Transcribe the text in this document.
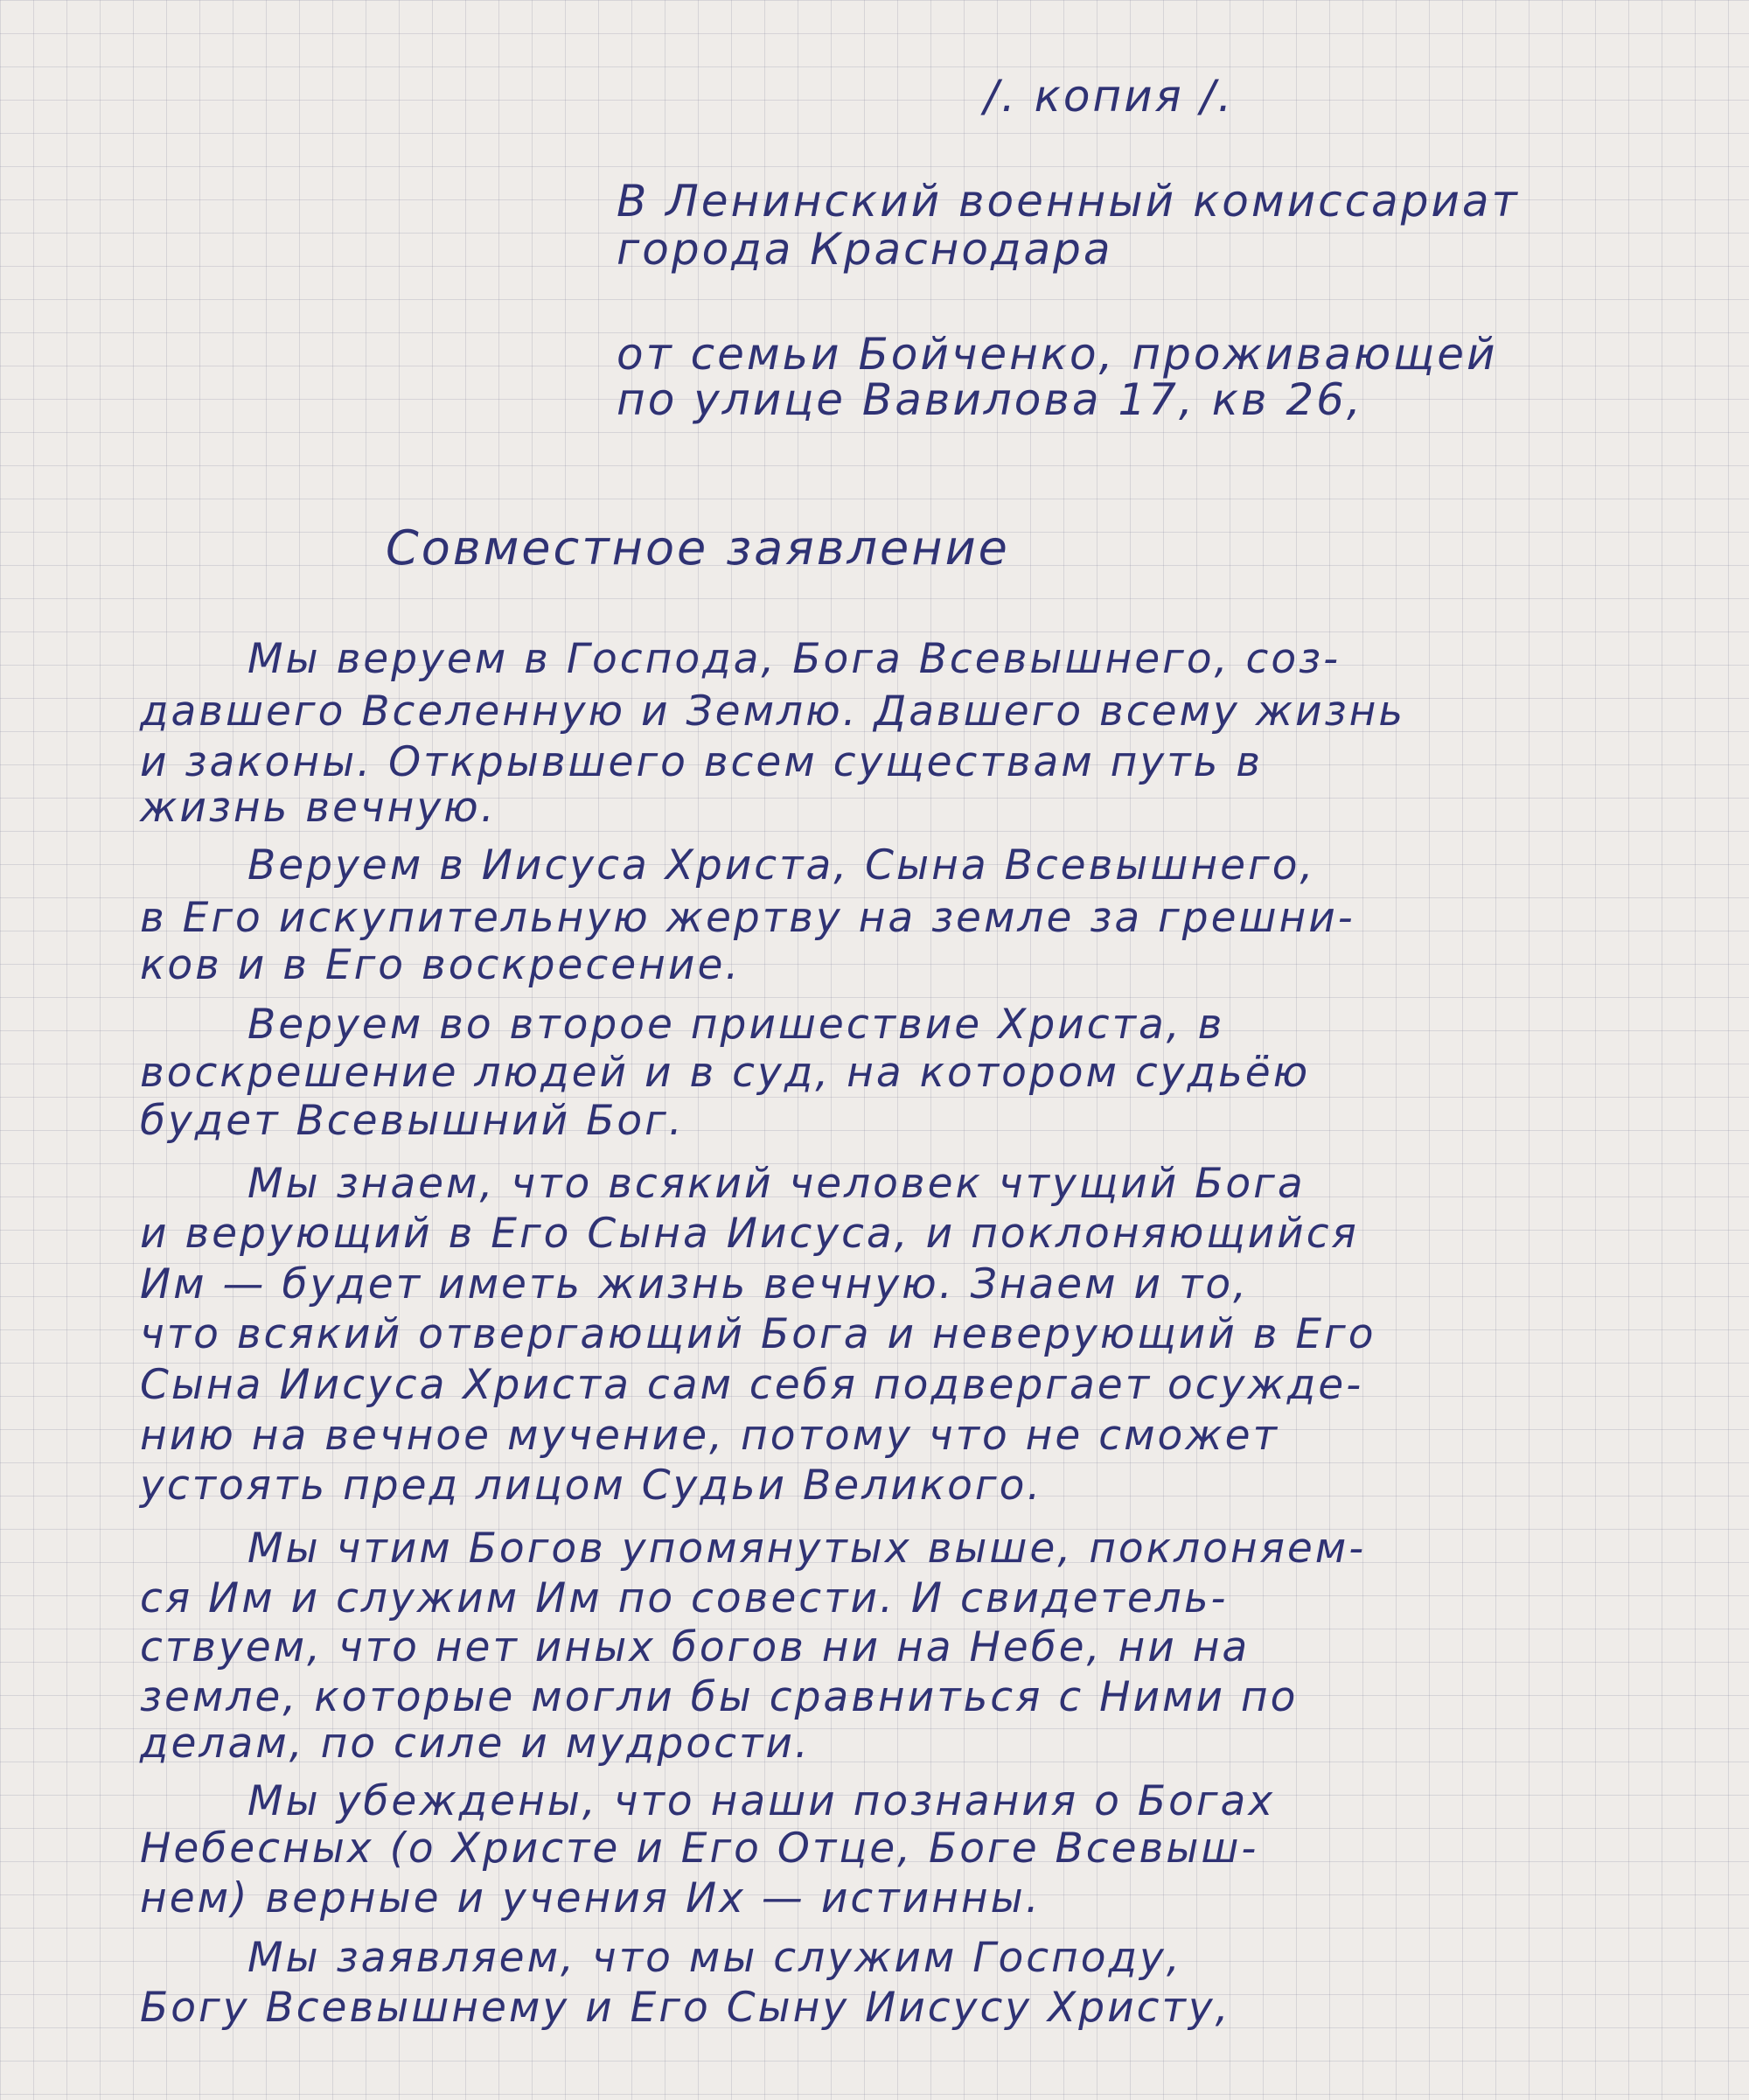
/. копия /.
В Ленинский военный комиссариат
города Краснодара
от семьи Бойченко, проживающей
по улице Вавилова 17, кв 26,
Совместное заявление
Мы веруем в Господа, Бога Всевышнего, соз-
давшего Вселенную и Землю. Давшего всему жизнь
и законы. Открывшего всем существам путь в
жизнь вечную.
Веруем в Иисуса Христа, Сына Всевышнего,
в Его искупительную жертву на земле за грешни-
ков и в Его воскресение.
Веруем во второе пришествие Христа, в
воскрешение людей и в суд, на котором судьёю
будет Всевышний Бог.
Мы знаем, что всякий человек чтущий Бога
и верующий в Его Сына Иисуса, и поклоняющийся
Им — будет иметь жизнь вечную. Знаем и то,
что всякий отвергающий Бога и неверующий в Его
Сына Иисуса Христа сам себя подвергает осужде-
нию на вечное мучение, потому что не сможет
устоять пред лицом Судьи Великого.
Мы чтим Богов упомянутых выше, поклоняем-
ся Им и служим Им по совести. И свидетель-
ствуем, что нет иных богов ни на Небе, ни на
земле, которые могли бы сравниться с Ними по
делам, по силе и мудрости.
Мы убеждены, что наши познания о Богах
Небесных (о Христе и Его Отце, Боге Всевыш-
нем) верные и учения Их — истинны.
Мы заявляем, что мы служим Господу,
Богу Всевышнему и Его Сыну Иисусу Христу,
